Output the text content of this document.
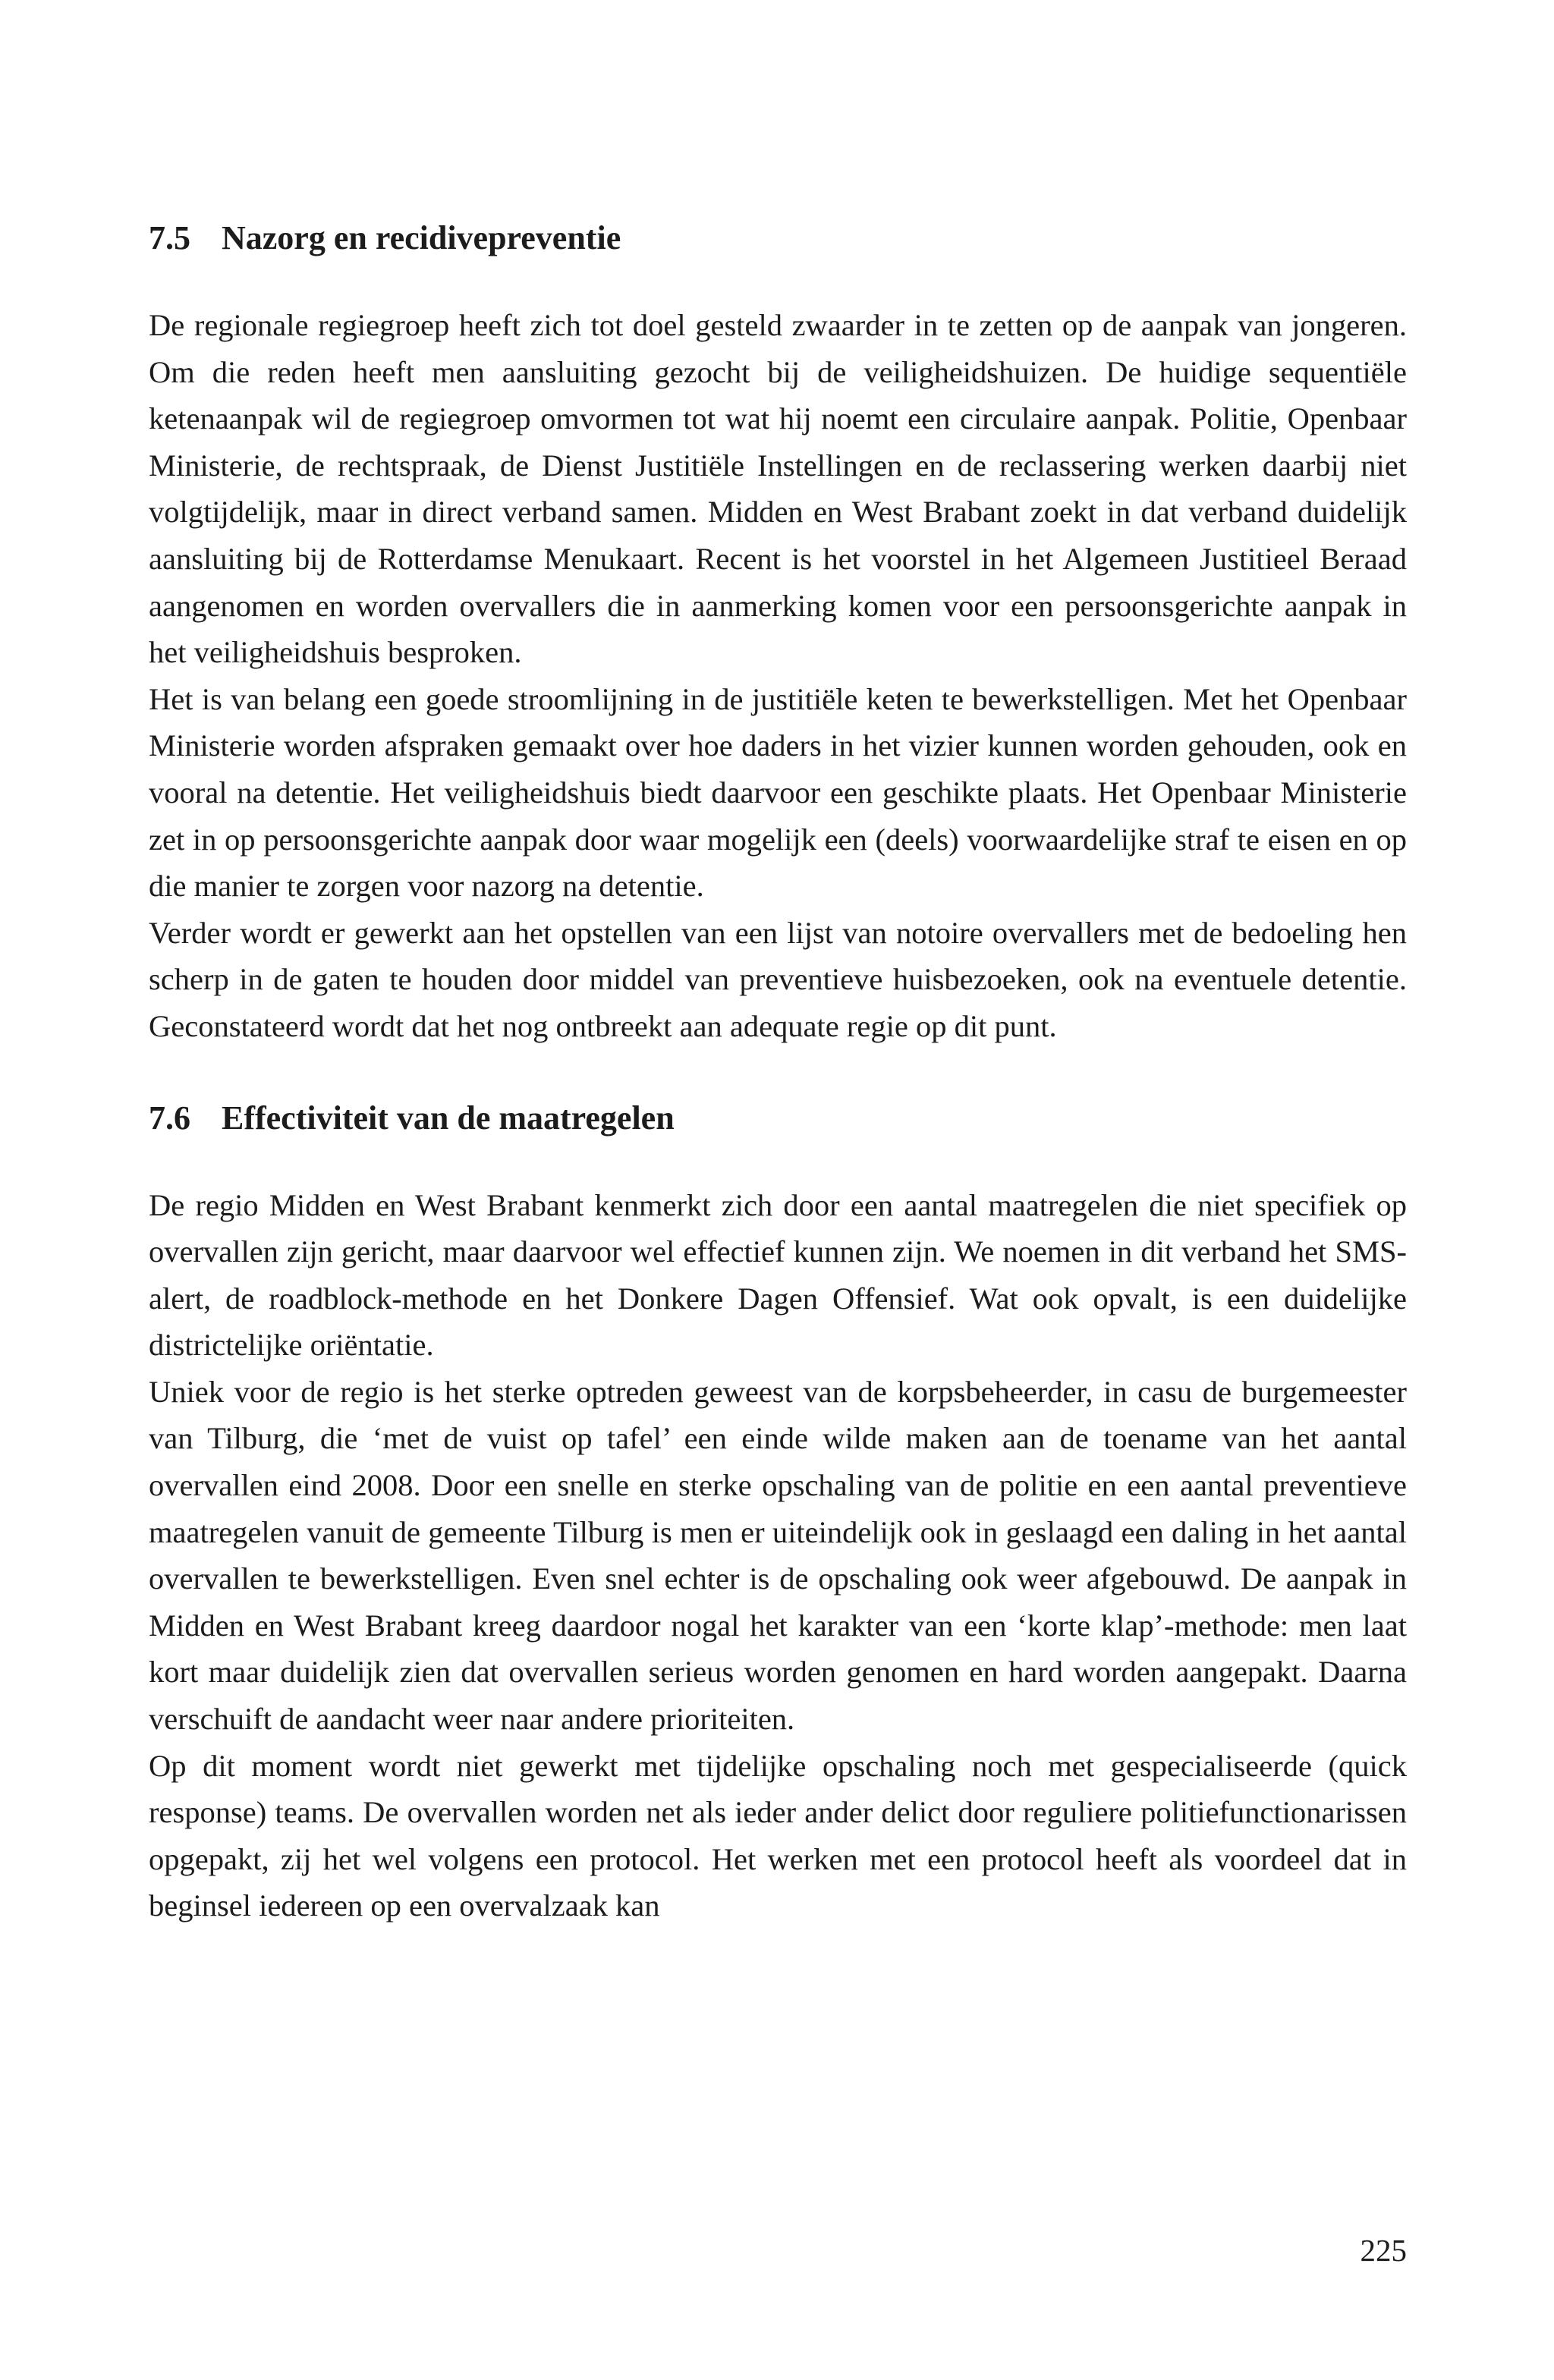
7.5 Nazorg en recidivepreventie

De regionale regiegroep heeft zich tot doel gesteld zwaarder in te zetten op de aanpak van jongeren. Om die reden heeft men aansluiting gezocht bij de veiligheidshuizen. De huidige sequentiële ketenaanpak wil de regiegroep omvormen tot wat hij noemt een circulaire aanpak. Politie, Openbaar Ministerie, de rechtspraak, de Dienst Justitiële Instellingen en de reclassering werken daarbij niet volgtijdelijk, maar in direct verband samen. Midden en West Brabant zoekt in dat verband duidelijk aansluiting bij de Rotterdamse Menukaart. Recent is het voorstel in het Algemeen Justitieel Beraad aangenomen en worden overvallers die in aanmerking komen voor een persoonsgerichte aanpak in het veiligheidshuis besproken.

Het is van belang een goede stroomlijning in de justitiële keten te bewerkstelligen. Met het Openbaar Ministerie worden afspraken gemaakt over hoe daders in het vizier kunnen worden gehouden, ook en vooral na detentie. Het veiligheidshuis biedt daarvoor een geschikte plaats. Het Openbaar Ministerie zet in op persoonsgerichte aanpak door waar mogelijk een (deels) voorwaardelijke straf te eisen en op die manier te zorgen voor nazorg na detentie.

Verder wordt er gewerkt aan het opstellen van een lijst van notoire overvallers met de bedoeling hen scherp in de gaten te houden door middel van preventieve huisbezoeken, ook na eventuele detentie. Geconstateerd wordt dat het nog ontbreekt aan adequate regie op dit punt.

7.6 Effectiviteit van de maatregelen

De regio Midden en West Brabant kenmerkt zich door een aantal maatregelen die niet specifiek op overvallen zijn gericht, maar daarvoor wel effectief kunnen zijn. We noemen in dit verband het SMS-alert, de roadblock-methode en het Donkere Dagen Offensief. Wat ook opvalt, is een duidelijke districtelijke oriëntatie.

Uniek voor de regio is het sterke optreden geweest van de korpsbeheerder, in casu de burgemeester van Tilburg, die ‘met de vuist op tafel’ een einde wilde maken aan de toename van het aantal overvallen eind 2008. Door een snelle en sterke opschaling van de politie en een aantal preventieve maatregelen vanuit de gemeente Tilburg is men er uiteindelijk ook in geslaagd een daling in het aantal overvallen te bewerkstelligen. Even snel echter is de opschaling ook weer afgebouwd. De aanpak in Midden en West Brabant kreeg daardoor nogal het karakter van een ‘korte klap’-methode: men laat kort maar duidelijk zien dat overvallen serieus worden genomen en hard worden aangepakt. Daarna verschuift de aandacht weer naar andere prioriteiten.

Op dit moment wordt niet gewerkt met tijdelijke opschaling noch met gespecialiseerde (quick response) teams. De overvallen worden net als ieder ander delict door reguliere politiefunctionarissen opgepakt, zij het wel volgens een protocol. Het werken met een protocol heeft als voordeel dat in beginsel iedereen op een overvalzaak kan

225
